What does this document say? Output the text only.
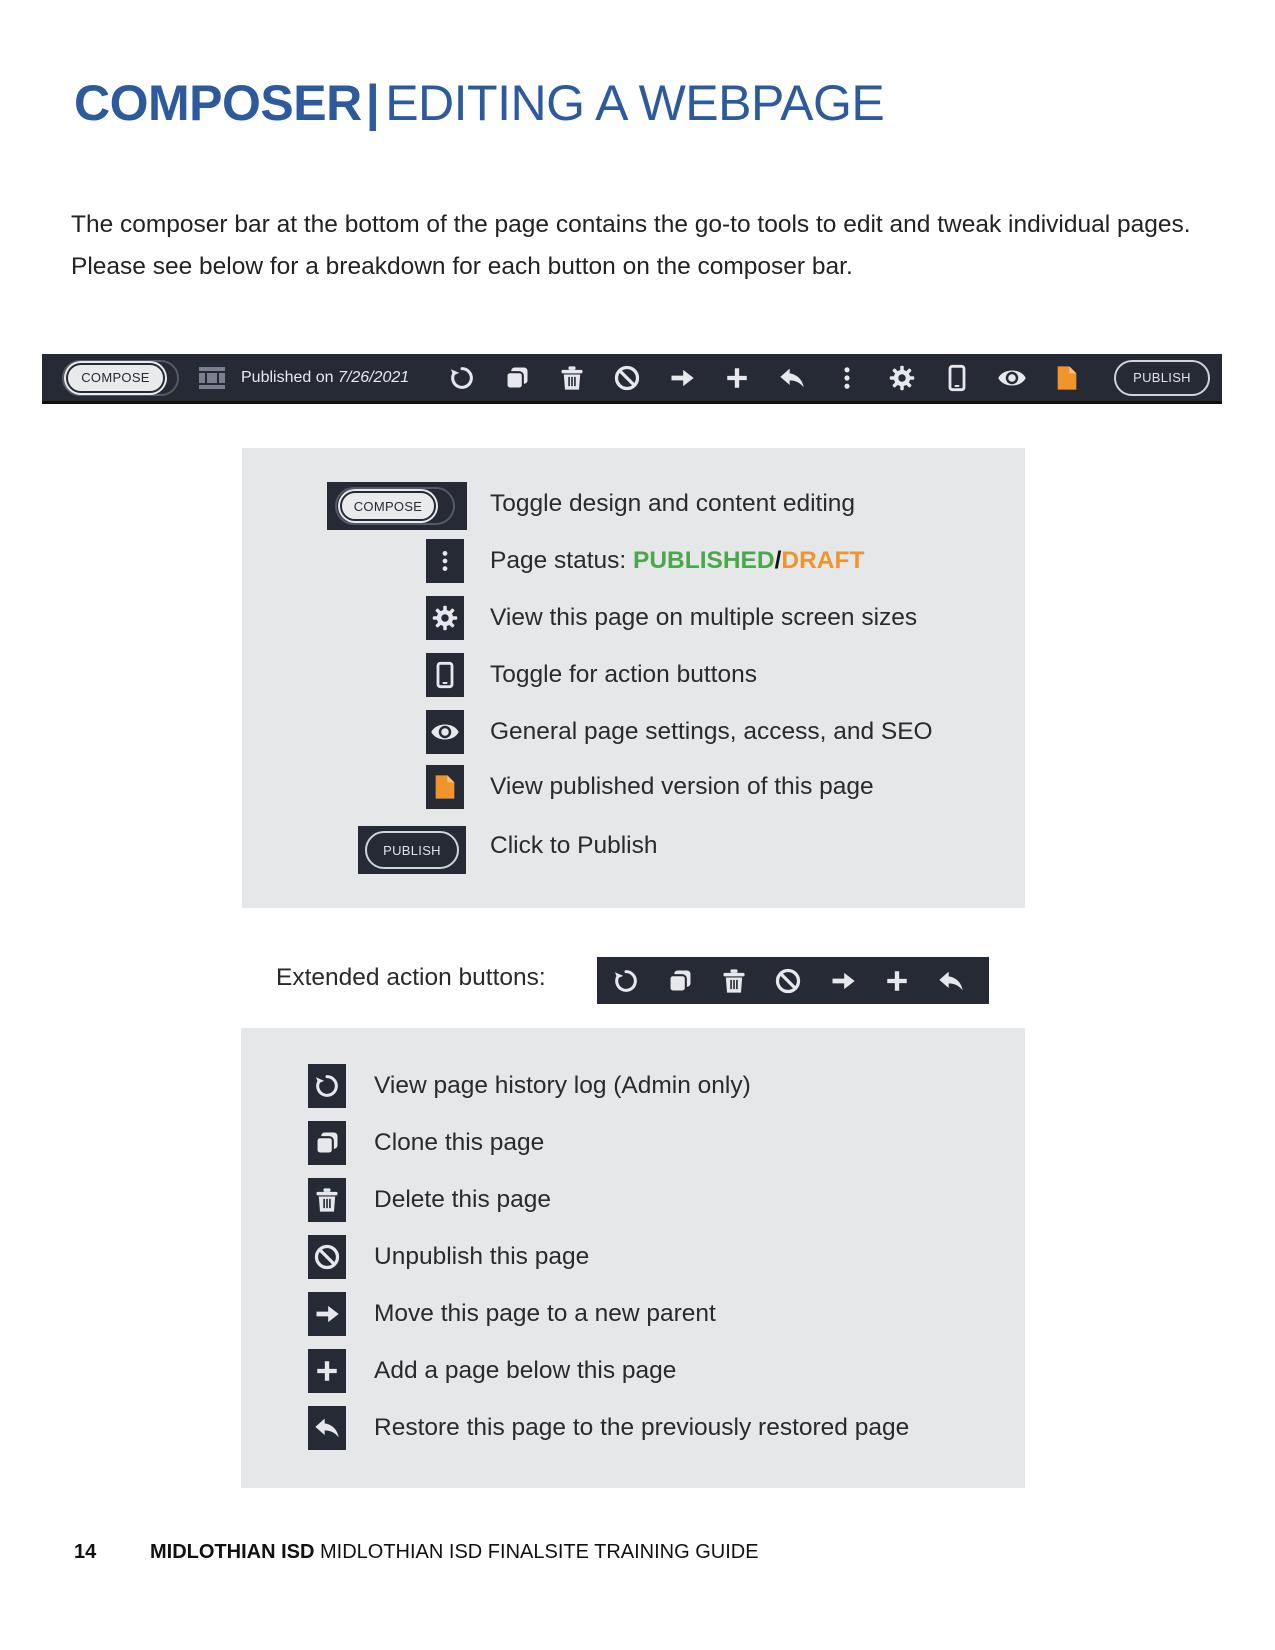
COMPOSER| EDITING A WEBPAGE
The composer bar at the bottom of the page contains the go-to tools to edit and tweak individual pages. Please see below for a breakdown for each button on the composer bar.
COMPOSE	Published on 7/26/2021	PUBLISH
COMPOSE	Toggle design and content editing
Page status: PUBLISHED/DRAFT
View this page on multiple screen sizes
Toggle for action buttons
General page settings, access, and SEO
View published version of this page
PUBLISH	Click to Publish
Extended action buttons:
View page history log (Admin only)
Clone this page
Delete this page
Unpublish this page
Move this page to a new parent
Add a page below this page
Restore this page to the previously restored page
14	MIDLOTHIAN ISD MIDLOTHIAN ISD FINALSITE TRAINING GUIDE
